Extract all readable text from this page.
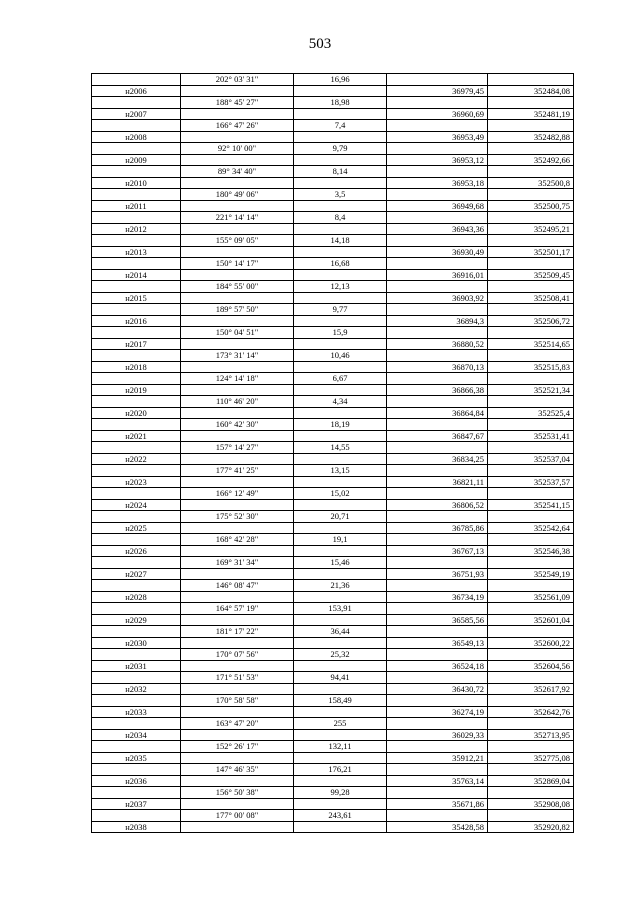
503
	202° 03' 31"	16,96		
н2006			36979,45	352484,08
	188° 45' 27"	18,98		
н2007			36960,69	352481,19
	166° 47' 26"	7,4		
н2008			36953,49	352482,88
	92° 10' 00"	9,79		
н2009			36953,12	352492,66
	89° 34' 40"	8,14		
н2010			36953,18	352500,8
	180° 49' 06"	3,5		
н2011			36949,68	352500,75
	221° 14' 14"	8,4		
н2012			36943,36	352495,21
	155° 09' 05"	14,18		
н2013			36930,49	352501,17
	150° 14' 17"	16,68		
н2014			36916,01	352509,45
	184° 55' 00"	12,13		
н2015			36903,92	352508,41
	189° 57' 50"	9,77		
н2016			36894,3	352506,72
	150° 04' 51"	15,9		
н2017			36880,52	352514,65
	173° 31' 14"	10,46		
н2018			36870,13	352515,83
	124° 14' 18"	6,67		
н2019			36866,38	352521,34
	110° 46' 20"	4,34		
н2020			36864,84	352525,4
	160° 42' 30"	18,19		
н2021			36847,67	352531,41
	157° 14' 27"	14,55		
н2022			36834,25	352537,04
	177° 41' 25"	13,15		
н2023			36821,11	352537,57
	166° 12' 49"	15,02		
н2024			36806,52	352541,15
	175° 52' 30"	20,71		
н2025			36785,86	352542,64
	168° 42' 28"	19,1		
н2026			36767,13	352546,38
	169° 31' 34"	15,46		
н2027			36751,93	352549,19
	146° 08' 47"	21,36		
н2028			36734,19	352561,09
	164° 57' 19"	153,91		
н2029			36585,56	352601,04
	181° 17' 22"	36,44		
н2030			36549,13	352600,22
	170° 07' 56"	25,32		
н2031			36524,18	352604,56
	171° 51' 53"	94,41		
н2032			36430,72	352617,92
	170° 58' 58"	158,49		
н2033			36274,19	352642,76
	163° 47' 20"	255		
н2034			36029,33	352713,95
	152° 26' 17"	132,11		
н2035			35912,21	352775,08
	147° 46' 35"	176,21		
н2036			35763,14	352869,04
	156° 50' 38"	99,28		
н2037			35671,86	352908,08
	177° 00' 08"	243,61		
н2038			35428,58	352920,82
